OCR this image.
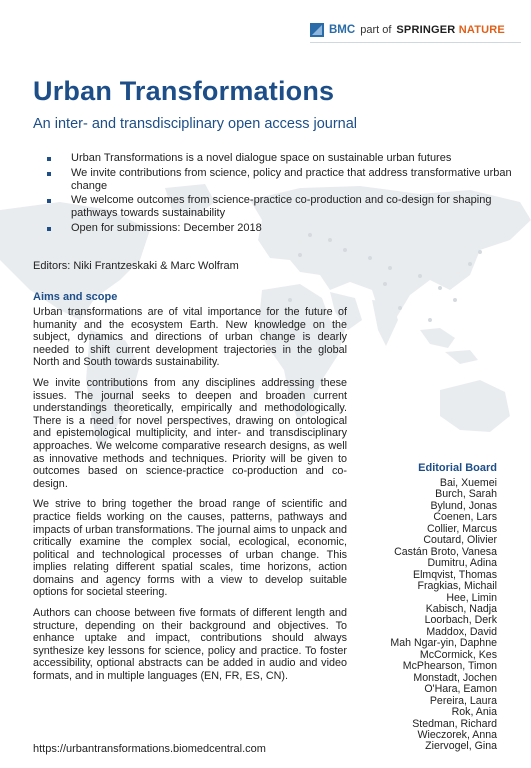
BMC part of SPRINGER NATURE
Urban Transformations
An inter- and transdisciplinary open access journal
Urban Transformations is a novel dialogue space on sustainable urban futures
We invite contributions from science, policy and practice that address transformative urban change
We welcome outcomes from science-practice co-production and co-design for shaping pathways towards sustainability
Open for submissions: December 2018
Editors: Niki Frantzeskaki & Marc Wolfram
Aims and scope

Urban transformations are of vital importance for the future of humanity and the ecosystem Earth. New knowledge on the subject, dynamics and directions of urban change is dearly needed to shift current development trajectories in the global North and South towards sustainability.

We invite contributions from any disciplines addressing these issues. The journal seeks to deepen and broaden current understandings theoretically, empirically and methodologically. There is a need for novel perspectives, drawing on ontological and epistemological multiplicity, and inter- and transdisciplinary approaches. We welcome comparative research designs, as well as innovative methods and techniques. Priority will be given to outcomes based on science-practice co-production and co-design.

We strive to bring together the broad range of scientific and practice fields working on the causes, patterns, pathways and impacts of urban transformations. The journal aims to unpack and critically examine the complex social, ecological, economic, political and technological processes of urban change. This implies relating different spatial scales, time horizons, action domains and agency forms with a view to develop suitable options for societal steering.

Authors can choose between five formats of different length and structure, depending on their background and objectives. To enhance uptake and impact, contributions should always synthesize key lessons for science, policy and practice. To foster accessibility, optional abstracts can be added in audio and video formats, and in multiple languages (EN, FR, ES, CN).

https://urbantransformations.biomedcentral.com
Editorial Board
Bai, Xuemei
Burch, Sarah
Bylund, Jonas
Coenen, Lars
Collier, Marcus
Coutard, Olivier
Castán Broto, Vanesa
Dumitru, Adina
Elmqvist, Thomas
Fragkias, Michail
Hee, Limin
Kabisch, Nadja
Loorbach, Derk
Maddox, David
Mah Ngar-yin, Daphne
McCormick, Kes
McPhearson, Timon
Monstadt, Jochen
O'Hara, Eamon
Pereira, Laura
Rok, Ania
Stedman, Richard
Wieczorek, Anna
Ziervogel, Gina
